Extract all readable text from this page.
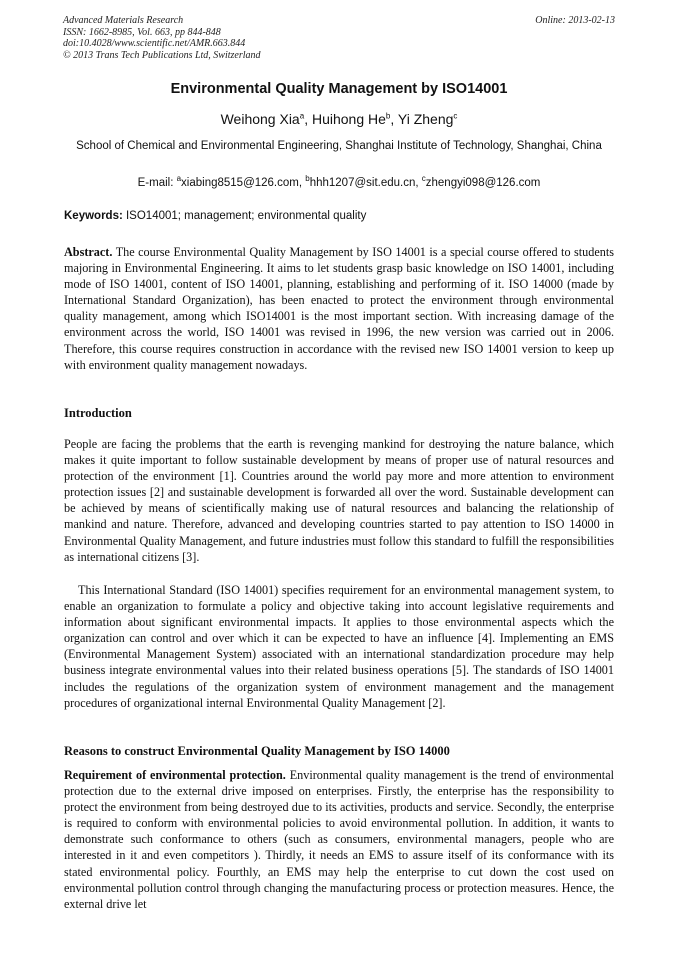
Advanced Materials Research
ISSN: 1662-8985, Vol. 663, pp 844-848
doi:10.4028/www.scientific.net/AMR.663.844
© 2013 Trans Tech Publications Ltd, Switzerland
Online: 2013-02-13
Environmental Quality Management by ISO14001
Weihong Xia$^a$, Huihong He$^b$, Yi Zheng$^c$
School of Chemical and Environmental Engineering, Shanghai Institute of Technology, Shanghai, China
E-mail: $^a$xiabing8515@126.com, $^b$hhh1207@sit.edu.cn, $^c$zhengyi098@126.com
Keywords: ISO14001; management; environmental quality

Abstract. The course Environmental Quality Management by ISO 14001 is a special course offered to students majoring in Environmental Engineering. It aims to let students grasp basic knowledge on ISO 14001, including mode of ISO 14001, content of ISO 14001, planning, establishing and performing of it. ISO 14000 (made by International Standard Organization), has been enacted to protect the environment through environmental quality management, among which ISO14001 is the most important section. With increasing damage of the environment across the world, ISO 14001 was revised in 1996, the new version was carried out in 2006. Therefore, this course requires construction in accordance with the revised new ISO 14001 version to keep up with environment quality management nowadays.

Introduction

People are facing the problems that the earth is revenging mankind for destroying the nature balance, which makes it quite important to follow sustainable development by means of proper use of natural resources and protection of the environment [1]. Countries around the world pay more and more attention to environment protection issues [2] and sustainable development is forwarded all over the word. Sustainable development can be achieved by means of scientifically making use of natural resources and balancing the relationship of mankind and nature. Therefore, advanced and developing countries started to pay attention to ISO 14000 in Environmental Quality Management, and future industries must follow this standard to fulfill the responsibilities as international citizens [3].

This International Standard (ISO 14001) specifies requirement for an environmental management system, to enable an organization to formulate a policy and objective taking into account legislative requirements and information about significant environmental impacts. It applies to those environmental aspects which the organization can control and over which it can be expected to have an influence [4]. Implementing an EMS (Environmental Management System) associated with an international standardization procedure may help business integrate environmental values into their related business operations [5]. The standards of ISO 14001 includes the regulations of the organization system of environment management and the management procedures of organizational internal Environmental Quality Management [2].

Reasons to construct Environmental Quality Management by ISO 14000

Requirement of environmental protection. Environmental quality management is the trend of environmental protection due to the external drive imposed on enterprises. Firstly, the enterprise has the responsibility to protect the environment from being destroyed due to its activities, products and service. Secondly, the enterprise is required to conform with environmental policies to avoid environmental pollution. In addition, it wants to demonstrate such conformance to others (such as consumers, environmental managers, people who are interested in it and even competitors ). Thirdly, it needs an EMS to assure itself of its conformance with its stated environmental policy. Fourthly, an EMS may help the enterprise to cut down the cost used on environmental pollution control through changing the manufacturing process or protection measures. Hence, the external drive let
